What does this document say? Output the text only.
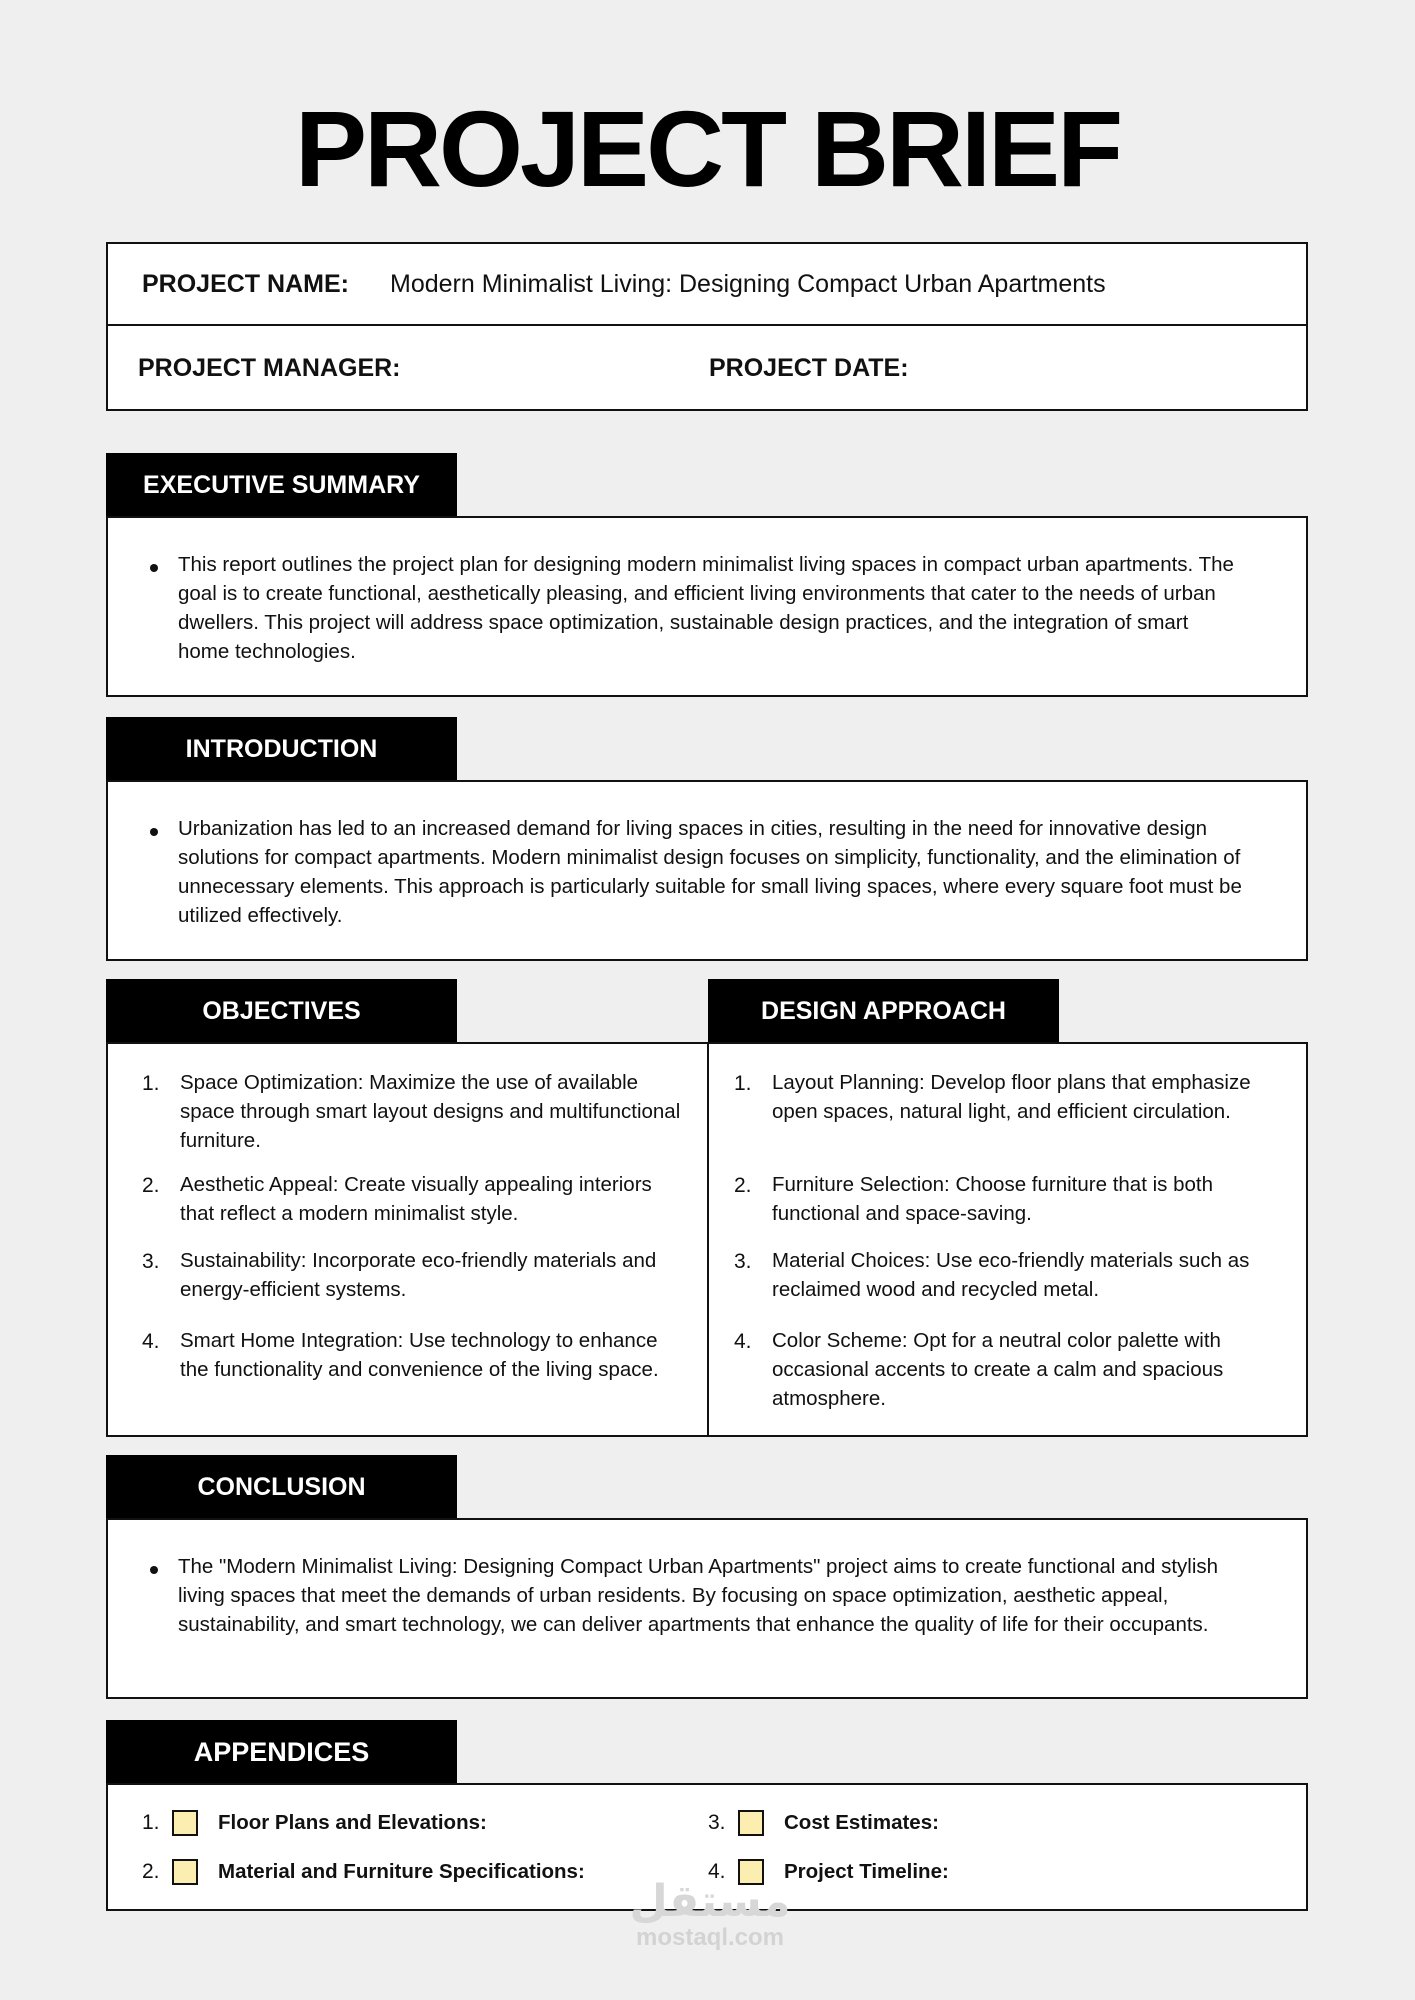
PROJECT BRIEF
PROJECT NAME: Modern Minimalist Living: Designing Compact Urban Apartments
PROJECT MANAGER:	PROJECT DATE:
EXECUTIVE SUMMARY
This report outlines the project plan for designing modern minimalist living spaces in compact urban apartments. The goal is to create functional, aesthetically pleasing, and efficient living environments that cater to the needs of urban dwellers. This project will address space optimization, sustainable design practices, and the integration of smart home technologies.
INTRODUCTION
Urbanization has led to an increased demand for living spaces in cities, resulting in the need for innovative design solutions for compact apartments. Modern minimalist design focuses on simplicity, functionality, and the elimination of unnecessary elements. This approach is particularly suitable for small living spaces, where every square foot must be utilized effectively.
OBJECTIVES	DESIGN APPROACH
1. Space Optimization: Maximize the use of available space through smart layout designs and multifunctional furniture.
2. Aesthetic Appeal: Create visually appealing interiors that reflect a modern minimalist style.
3. Sustainability: Incorporate eco-friendly materials and energy-efficient systems.
4. Smart Home Integration: Use technology to enhance the functionality and convenience of the living space.
1. Layout Planning: Develop floor plans that emphasize open spaces, natural light, and efficient circulation.
2. Furniture Selection: Choose furniture that is both functional and space-saving.
3. Material Choices: Use eco-friendly materials such as reclaimed wood and recycled metal.
4. Color Scheme: Opt for a neutral color palette with occasional accents to create a calm and spacious atmosphere.
CONCLUSION
The "Modern Minimalist Living: Designing Compact Urban Apartments" project aims to create functional and stylish living spaces that meet the demands of urban residents. By focusing on space optimization, aesthetic appeal, sustainability, and smart technology, we can deliver apartments that enhance the quality of life for their occupants.
APPENDICES
1.	Floor Plans and Elevations:
2.	Material and Furniture Specifications:
3.	Cost Estimates:
4.	Project Timeline:
مستقل
mostaql.com
